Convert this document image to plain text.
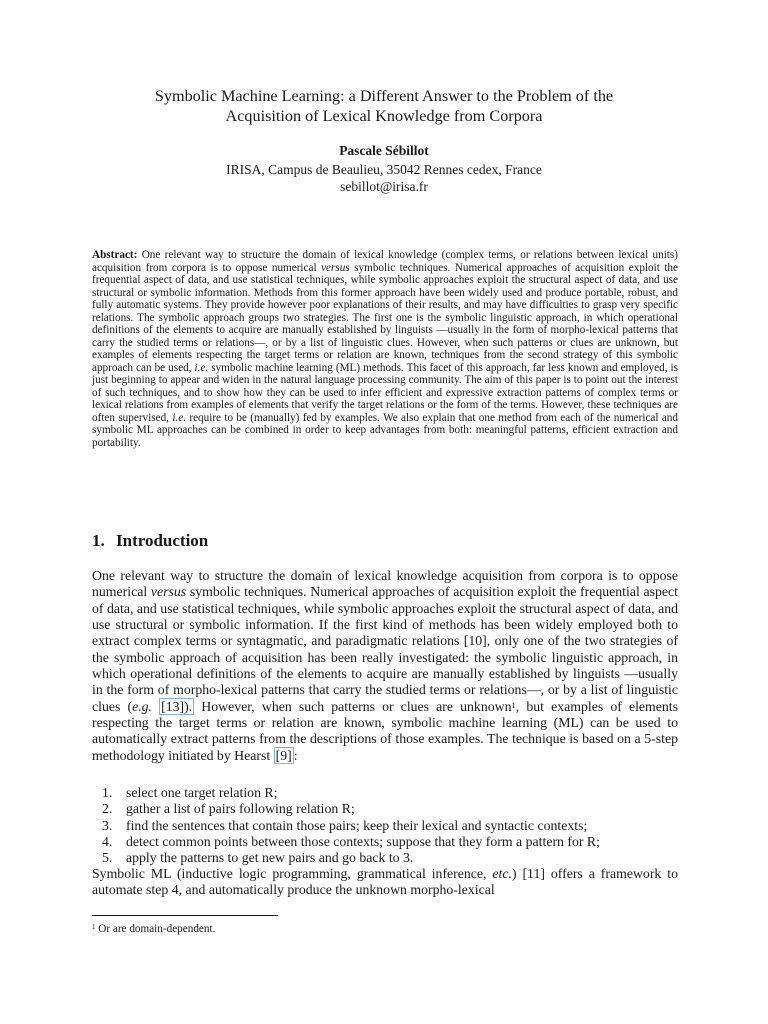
Symbolic Machine Learning: a Different Answer to the Problem of the
Acquisition of Lexical Knowledge from Corpora
Pascale Sébillot
IRISA, Campus de Beaulieu, 35042 Rennes cedex, France
sebillot@irisa.fr

Abstract: One relevant way to structure the domain of lexical knowledge (complex terms, or relations between lexical units) acquisition from corpora is to oppose numerical versus symbolic techniques. Numerical approaches of acquisition exploit the frequential aspect of data, and use statistical techniques, while symbolic approaches exploit the structural aspect of data, and use structural or symbolic information. Methods from this former approach have been widely used and produce portable, robust, and fully automatic systems. They provide however poor explanations of their results, and may have difficulties to grasp very specific relations. The symbolic approach groups two strategies. The first one is the symbolic linguistic approach, in which operational definitions of the elements to acquire are manually established by linguists —usually in the form of morpho-lexical patterns that carry the studied terms or relations—, or by a list of linguistic clues. However, when such patterns or clues are unknown, but examples of elements respecting the target terms or relation are known, techniques from the second strategy of this symbolic approach can be used, i.e. symbolic machine learning (ML) methods. This facet of this approach, far less known and employed, is just beginning to appear and widen in the natural language processing community. The aim of this paper is to point out the interest of such techniques, and to show how they can be used to infer efficient and expressive extraction patterns of complex terms or lexical relations from examples of elements that verify the target relations or the form of the terms. However, these techniques are often supervised, i.e. require to be (manually) fed by examples. We also explain that one method from each of the numerical and symbolic ML approaches can be combined in order to keep advantages from both: meaningful patterns, efficient extraction and portability.

1. Introduction

One relevant way to structure the domain of lexical knowledge acquisition from corpora is to oppose numerical versus symbolic techniques. Numerical approaches of acquisition exploit the frequential aspect of data, and use statistical techniques, while symbolic approaches exploit the structural aspect of data, and use structural or symbolic information. If the first kind of methods has been widely employed both to extract complex terms or syntagmatic, and paradigmatic relations [10], only one of the two strategies of the symbolic approach of acquisition has been really investigated: the symbolic linguistic approach, in which operational definitions of the elements to acquire are manually established by linguists —usually in the form of morpho-lexical patterns that carry the studied terms or relations—, or by a list of linguistic clues (e.g. [13]). However, when such patterns or clues are unknown$^1$, but examples of elements respecting the target terms or relation are known, symbolic machine learning (ML) can be used to automatically extract patterns from the descriptions of those examples. The technique is based on a 5-step methodology initiated by Hearst [9] :

1. select one target relation R;
2. gather a list of pairs following relation R;
3. find the sentences that contain those pairs; keep their lexical and syntactic contexts;
4. detect common points between those contexts; suppose that they form a pattern for R;
5. apply the patterns to get new pairs and go back to 3.

Symbolic ML (inductive logic programming, grammatical inference, etc.) [11] offers a framework to automate step 4, and automatically produce the unknown morpho-lexical

$^1$ Or are domain-dependent.
